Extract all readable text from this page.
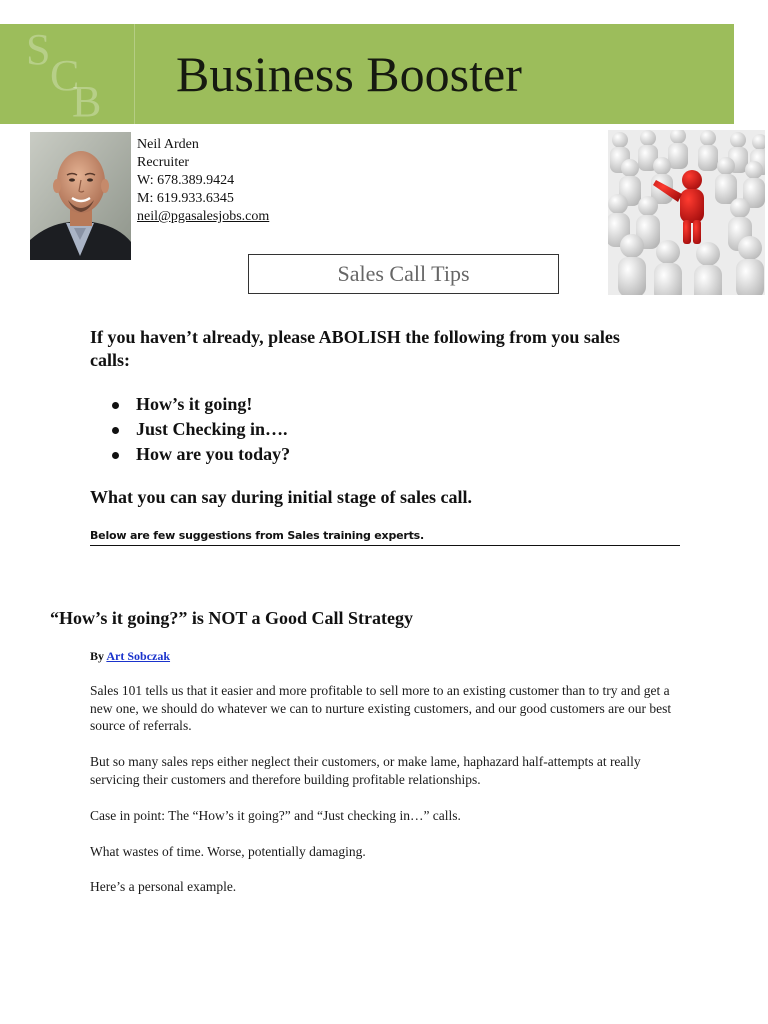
S
C
B Business Booster
Neil Arden
Recruiter
W: 678.389.9424
M: 619.933.6345
neil@pgasalesjobs.com
Sales Call Tips

If you haven’t already, please ABOLISH the following from you sales calls:

How’s it going!
Just Checking in….
How are you today?
What you can say during initial stage of sales call.
Below are few suggestions from Sales training experts.
“How’s it going?” is NOT a Good Call Strategy
By Art Sobczak

Sales 101 tells us that it easier and more profitable to sell more to an existing customer than to try and get a new one, we should do whatever we can to nurture existing customers, and our good customers are our best source of referrals.

But so many sales reps either neglect their customers, or make lame, haphazard half-attempts at really servicing their customers and therefore building profitable relationships.

Case in point: The “How’s it going?” and “Just checking in…” calls.

What wastes of time. Worse, potentially damaging.

Here’s a personal example.
